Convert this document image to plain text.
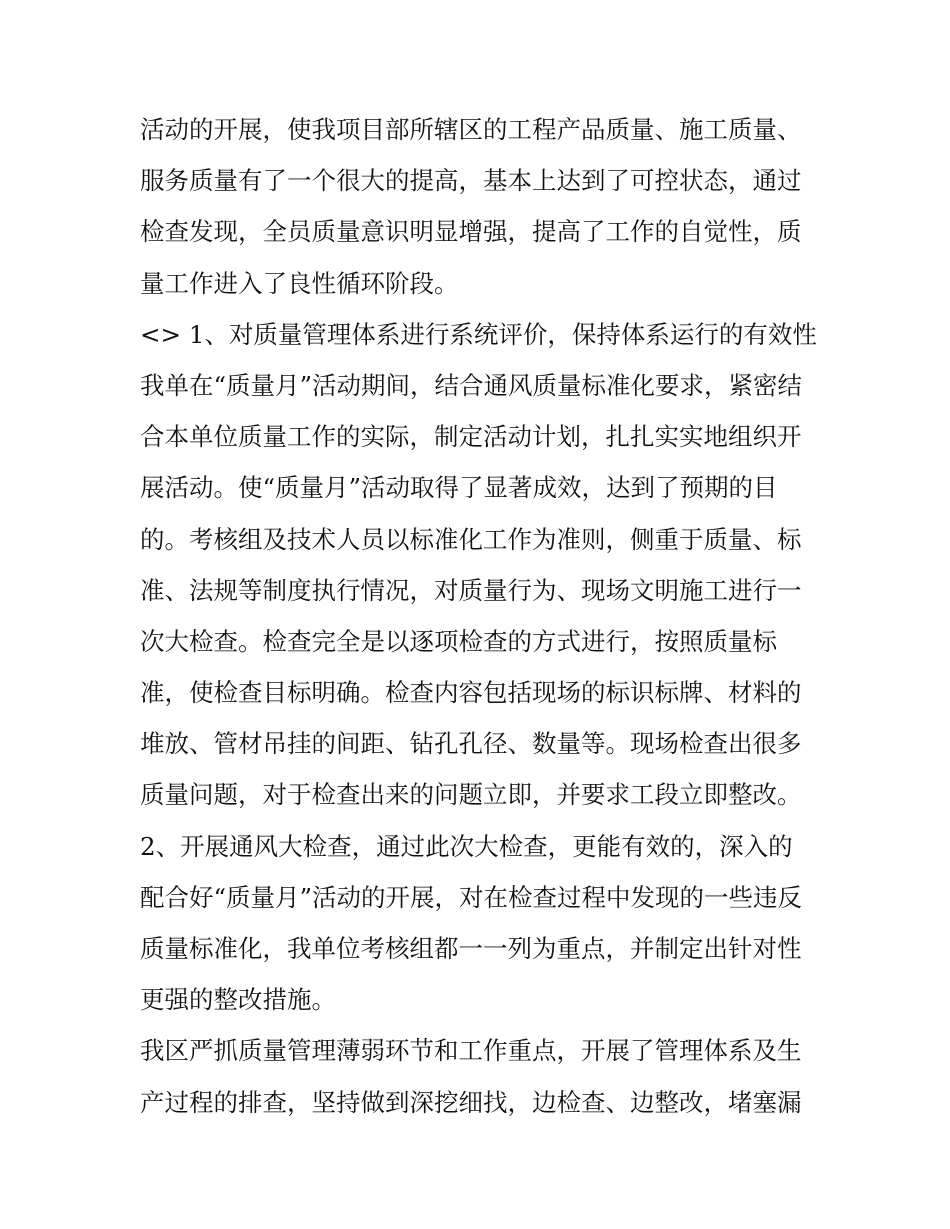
活动的开展，使我项目部所辖区的工程产品质量、施工质量、
服务质量有了一个很大的提高，基本上达到了可控状态，通过
检查发现，全员质量意识明显增强，提高了工作的自觉性，质
量工作进入了良性循环阶段。
<> 1、对质量管理体系进行系统评价，保持体系运行的有效性
我单在“质量月”活动期间，结合通风质量标准化要求，紧密结
合本单位质量工作的实际，制定活动计划，扎扎实实地组织开
展活动。使“质量月”活动取得了显著成效，达到了预期的目
的。考核组及技术人员以标准化工作为准则，侧重于质量、标
准、法规等制度执行情况，对质量行为、现场文明施工进行一
次大检查。检查完全是以逐项检查的方式进行，按照质量标
准，使检查目标明确。检查内容包括现场的标识标牌、材料的
堆放、管材吊挂的间距、钻孔孔径、数量等。现场检查出很多
质量问题，对于检查出来的问题立即，并要求工段立即整改。
2、开展通风大检查，通过此次大检查，更能有效的，深入的
配合好“质量月”活动的开展，对在检查过程中发现的一些违反
质量标准化，我单位考核组都一一列为重点，并制定出针对性
更强的整改措施。
我区严抓质量管理薄弱环节和工作重点，开展了管理体系及生
产过程的排查，坚持做到深挖细找，边检查、边整改，堵塞漏
